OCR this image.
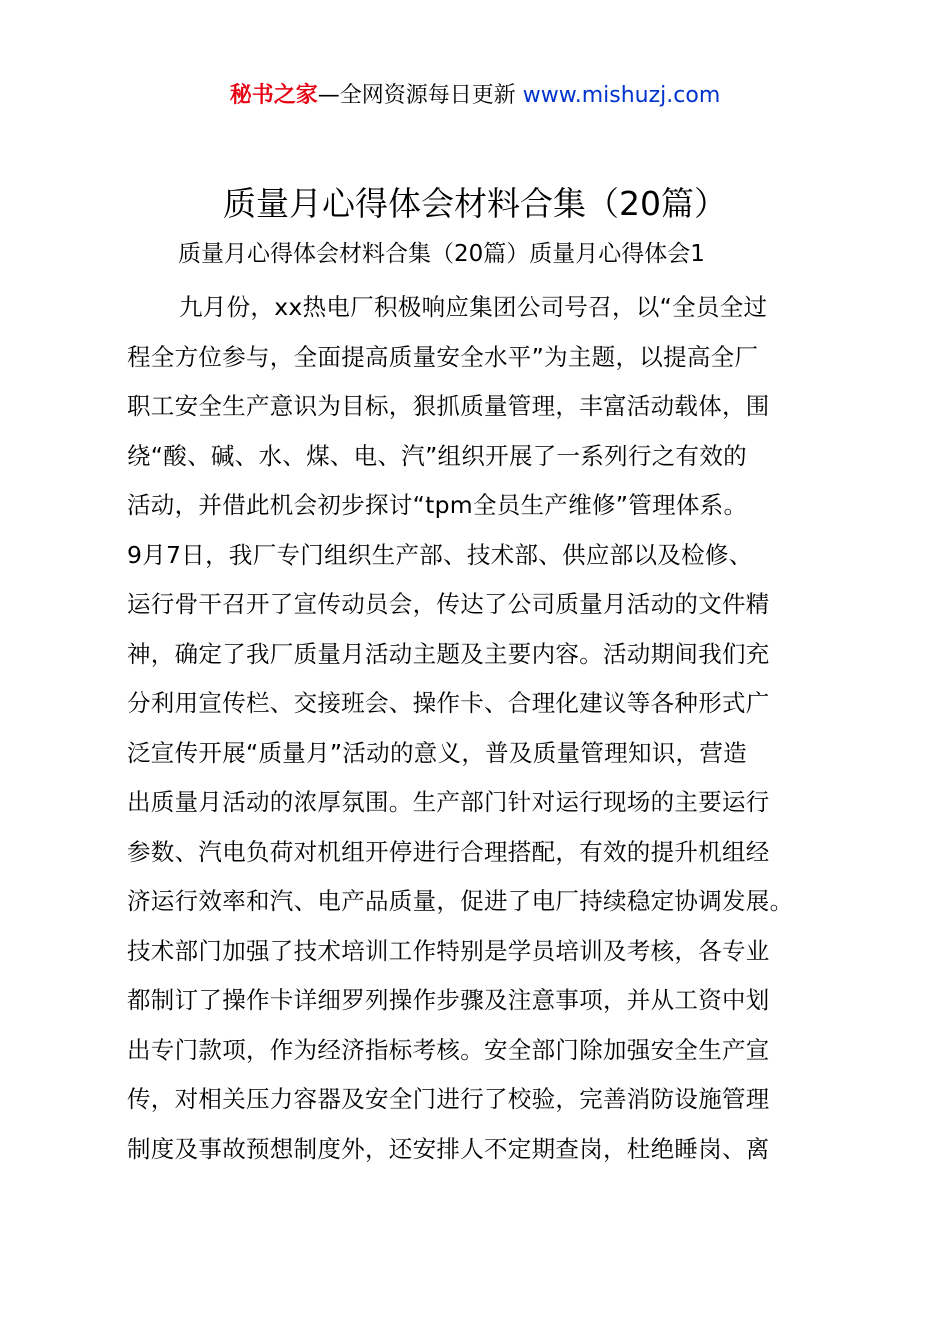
秘书之家—全网资源每日更新 www.mishuzj.com
质量月心得体会材料合集（20篇）
质量月心得体会材料合集（20篇）质量月心得体会1
九月份，xx热电厂积极响应集团公司号召，以“全员全过
程全方位参与，全面提高质量安全水平”为主题，以提高全厂
职工安全生产意识为目标，狠抓质量管理，丰富活动载体，围
绕“酸、碱、水、煤、电、汽”组织开展了一系列行之有效的
活动，并借此机会初步探讨“tpm全员生产维修”管理体系。
9月7日，我厂专门组织生产部、技术部、供应部以及检修、
运行骨干召开了宣传动员会，传达了公司质量月活动的文件精
神，确定了我厂质量月活动主题及主要内容。活动期间我们充
分利用宣传栏、交接班会、操作卡、合理化建议等各种形式广
泛宣传开展“质量月”活动的意义，普及质量管理知识，营造
出质量月活动的浓厚氛围。生产部门针对运行现场的主要运行
参数、汽电负荷对机组开停进行合理搭配，有效的提升机组经
济运行效率和汽、电产品质量，促进了电厂持续稳定协调发展。
技术部门加强了技术培训工作特别是学员培训及考核，各专业
都制订了操作卡详细罗列操作步骤及注意事项，并从工资中划
出专门款项，作为经济指标考核。安全部门除加强安全生产宣
传，对相关压力容器及安全门进行了校验，完善消防设施管理
制度及事故预想制度外，还安排人不定期查岗，杜绝睡岗、离
